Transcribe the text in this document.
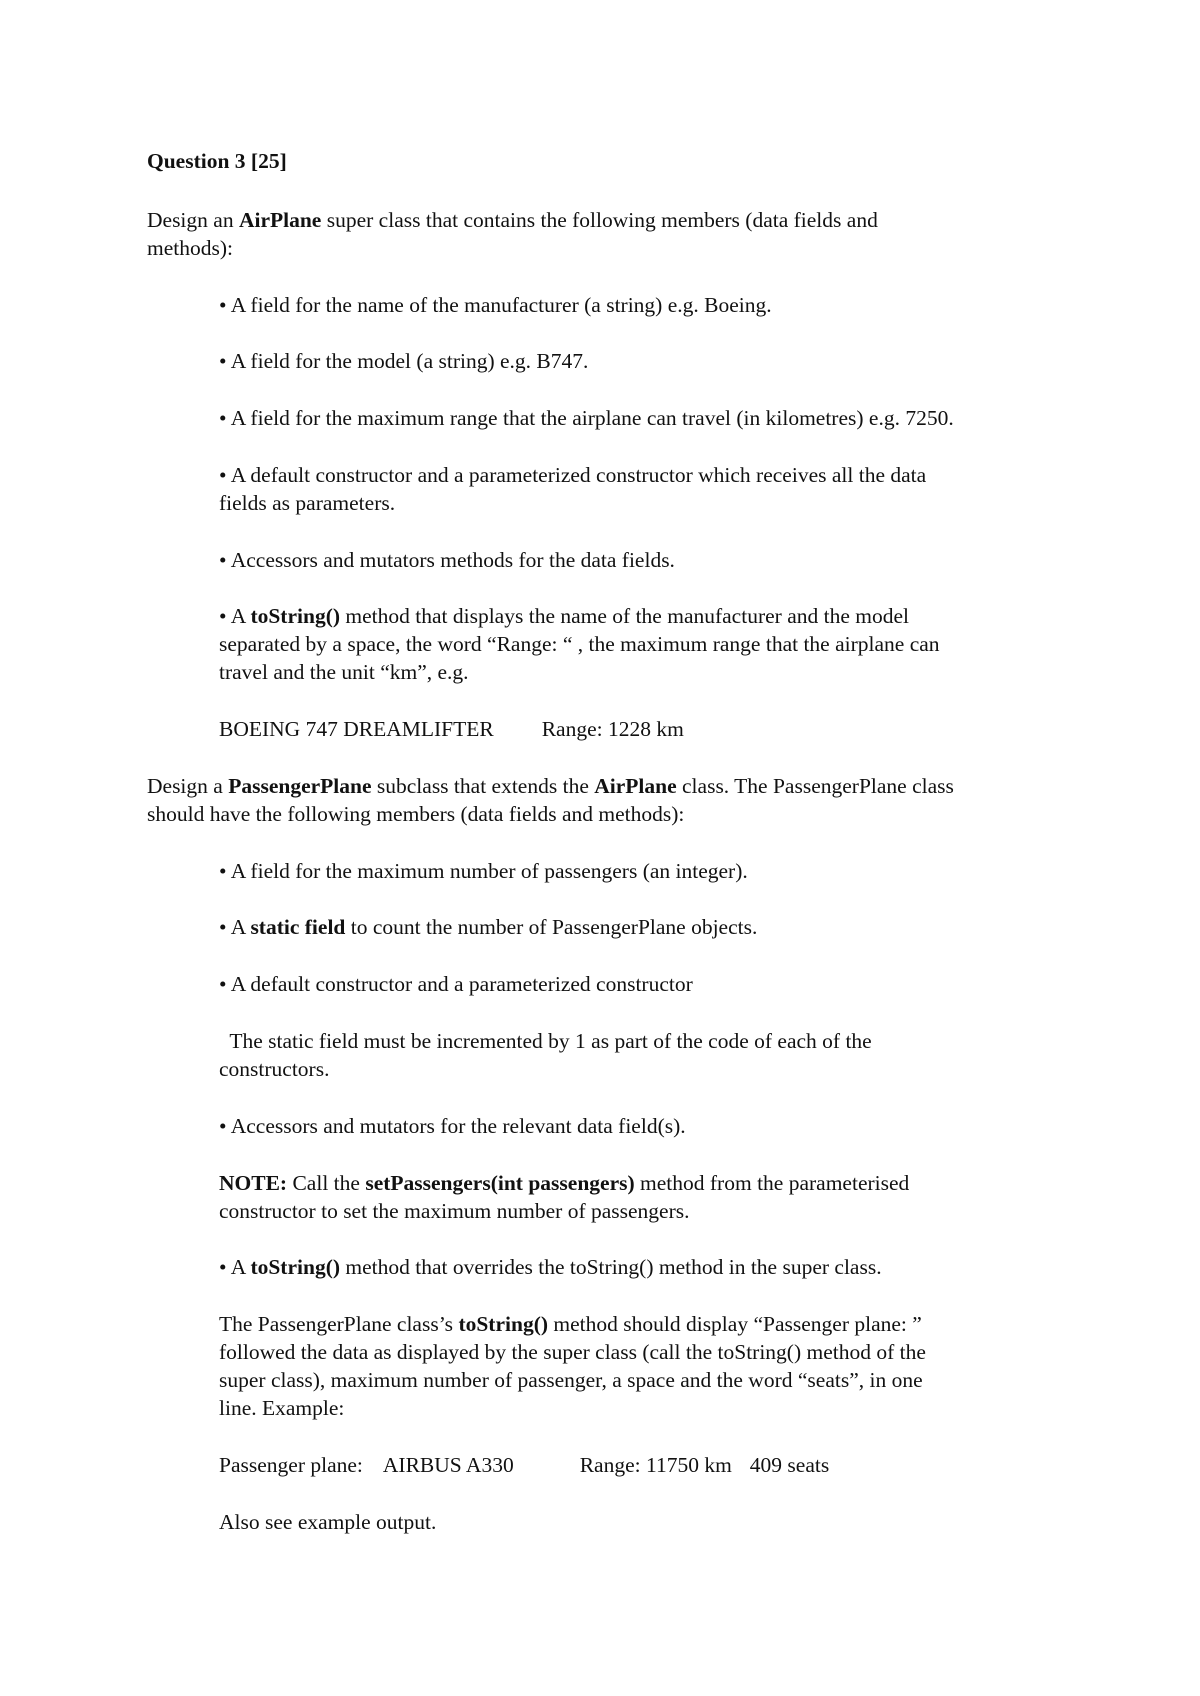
Question 3 [25]
Design an AirPlane super class that contains the following members (data fields and
methods):
• A field for the name of the manufacturer (a string) e.g. Boeing.
• A field for the model (a string) e.g. B747.
• A field for the maximum range that the airplane can travel (in kilometres) e.g. 7250.
• A default constructor and a parameterized constructor which receives all the data
fields as parameters.
• Accessors and mutators methods for the data fields.
• A toString() method that displays the name of the manufacturer and the model
separated by a space, the word “Range: “ , the maximum range that the airplane can
travel and the unit “km”, e.g.
BOEING 747 DREAMLIFTER Range: 1228 km
Design a PassengerPlane subclass that extends the AirPlane class. The PassengerPlane class
should have the following members (data fields and methods):
• A field for the maximum number of passengers (an integer).
• A static field to count the number of PassengerPlane objects.
• A default constructor and a parameterized constructor
The static field must be incremented by 1 as part of the code of each of the
constructors.
• Accessors and mutators for the relevant data field(s).
NOTE: Call the setPassengers(int passengers) method from the parameterised
constructor to set the maximum number of passengers.
• A toString() method that overrides the toString() method in the super class.
The PassengerPlane class’s toString() method should display “Passenger plane: ”
followed the data as displayed by the super class (call the toString() method of the
super class), maximum number of passenger, a space and the word “seats”, in one
line. Example:
Passenger plane: AIRBUS A330	Range: 11750 km 409 seats
Also see example output.
